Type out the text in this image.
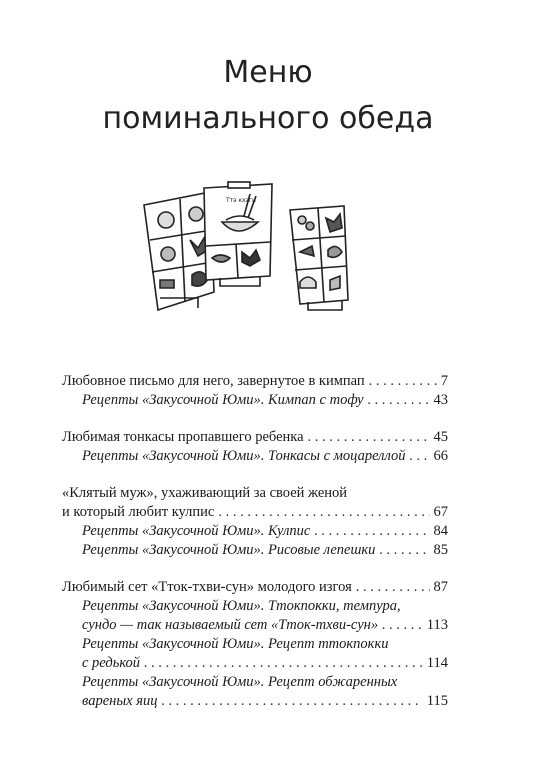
Меню
поминального обеда
Ттэ кхэги
Любовное письмо для него, завернутое в кимпап . . .	7
Рецепты «Закусочной Юми». Кимпап с тофу . . .	43
Любимая тонкасы пропавшего ребенка . . .	45
Рецепты «Закусочной Юми». Тонкасы с моцареллой . . . 66
«Клятый муж», ухаживающий за своей женой
и который любит кулпис . . .	67
Рецепты «Закусочной Юми». Кулпис . . .	84
Рецепты «Закусочной Юми». Рисовые лепешки . . .	85
Любимый сет «Тток-тхви-сун» молодого изгоя . . .	87
Рецепты «Закусочной Юми». Ттокпокки, темпура,
сундо — так называемый сет «Тток-тхви-сун» . . .	113
Рецепты «Закусочной Юми». Рецепт ттокпокки
с редькой . . .	114
Рецепты «Закусочной Юми». Рецепт обжаренных
вареных яиц . . .	115
